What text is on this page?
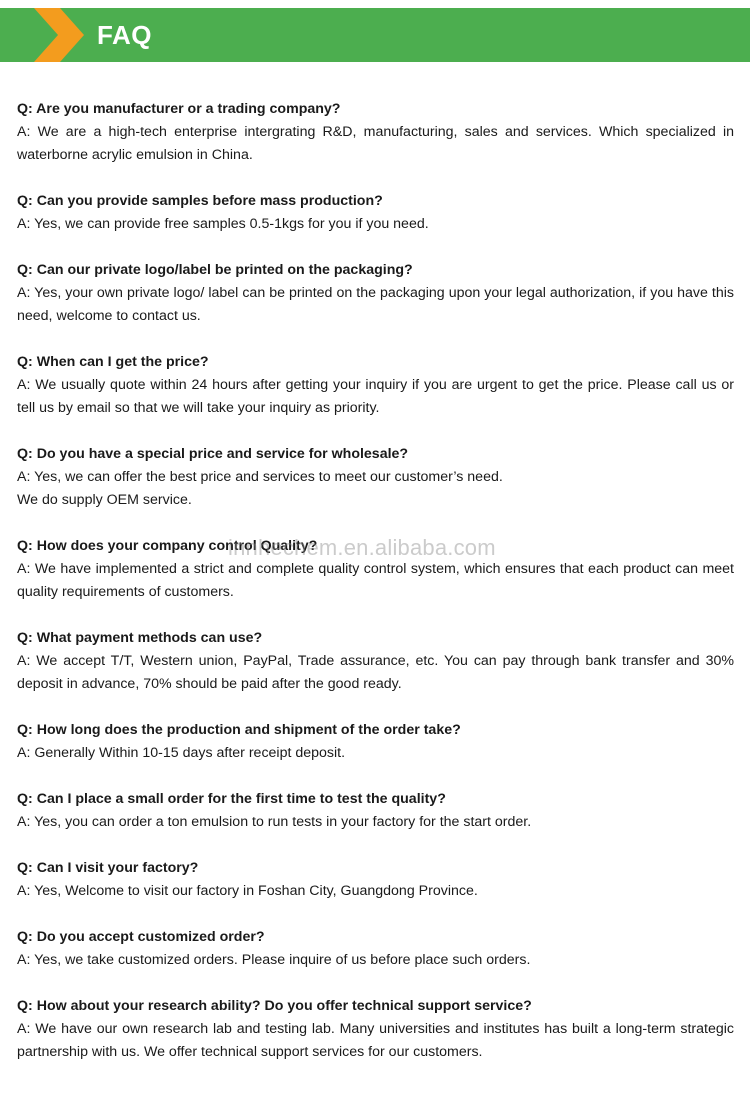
FAQ

Q: Are you manufacturer or a trading company?

A: We are a high-tech enterprise intergrating R&D, manufacturing, sales and services. Which specialized in waterborne acrylic emulsion in China.

Q: Can you provide samples before mass production?

A: Yes, we can provide free samples 0.5-1kgs for you if you need.

Q: Can our private logo/label be printed on the packaging?

A: Yes, your own private logo/ label can be printed on the packaging upon your legal authorization, if you have this need, welcome to contact us.

Q: When can I get the price?

A: We usually quote within 24 hours after getting your inquiry if you are urgent to get the price. Please call us or tell us by email so that we will take your inquiry as priority.

Q: Do you have a special price and service for wholesale?

A: Yes, we can offer the best price and services to meet our customer’s need.

We do supply OEM service.

Q: How does your company control Quality?

A: We have implemented a strict and complete quality control system, which ensures that each product can meet quality requirements of customers.

Q: What payment methods can use?

A: We accept T/T, Western union, PayPal, Trade assurance, etc. You can pay through bank transfer and 30% deposit in advance, 70% should be paid after the good ready.

Q: How long does the production and shipment of the order take?

A: Generally Within 10-15 days after receipt deposit.

Q: Can I place a small order for the first time to test the quality?

A: Yes, you can order a ton emulsion to run tests in your factory for the start order.

Q: Can I visit your factory?

A: Yes, Welcome to visit our factory in Foshan City, Guangdong Province.

Q: Do you accept customized order?

A: Yes, we take customized orders. Please inquire of us before place such orders.

Q: How about your research ability? Do you offer technical support service?

A: We have our own research lab and testing lab. Many universities and institutes has built a long-term strategic partnership with us. We offer technical support services for our customers.

innhechem.en.alibaba.com
